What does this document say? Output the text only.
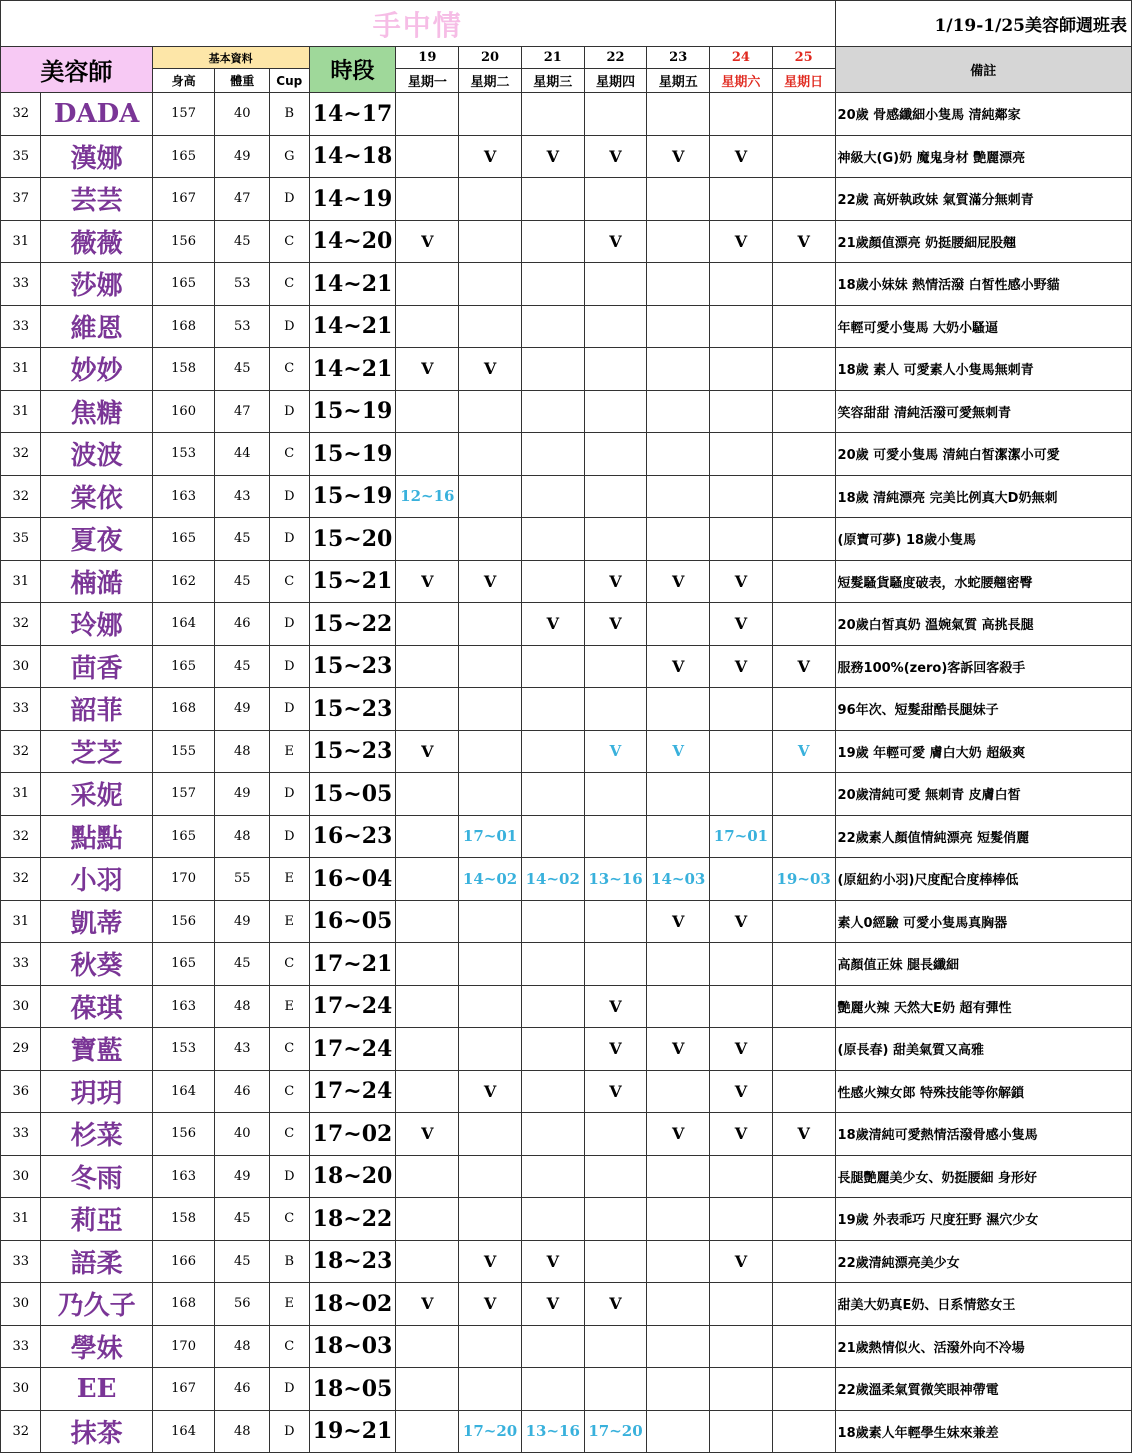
手中情													1/19-1/25美容師週班表
美容師		基本資料			時段	19	20	21	22	23	24	25	備註
		身高	體重	Cup		星期一	星期二	星期三	星期四	星期五	星期六	星期日	
32	DADA	157	40	B	14~17								20歲 骨感纖細小隻馬 清純鄰家
35	漢娜	165	49	G	14~18		V	V	V	V	V		神級大(G)奶 魔鬼身材 艷麗漂亮
37	芸芸	167	47	D	14~19								22歲 高妍執政妹 氣質滿分無刺青
31	薇薇	156	45	C	14~20	V			V		V	V	21歲顏值漂亮 奶挺腰細屁股翹
33	莎娜	165	53	C	14~21								18歲小妹妹 熱情活潑 白皙性感小野貓
33	維恩	168	53	D	14~21								年輕可愛小隻馬 大奶小騷逼
31	妙妙	158	45	C	14~21	V	V						18歲 素人 可愛素人小隻馬無刺青
31	焦糖	160	47	D	15~19								笑容甜甜 清純活潑可愛無刺青
32	波波	153	44	C	15~19								20歲 可愛小隻馬 清純白皙潔潔小可愛
32	棠依	163	43	D	15~19	12~16							18歲 清純漂亮 完美比例真大D奶無刺
35	夏夜	165	45	D	15~20								(原寶可夢) 18歲小隻馬
31	楠澔	162	45	C	15~21	V	V		V	V	V		短髮騷貨騷度破表，水蛇腰翹密臀
32	玲娜	164	46	D	15~22			V	V		V		20歲白皙真奶 溫婉氣質 高挑長腿
30	茴香	165	45	D	15~23					V	V	V	服務100%(zero)客訴回客殺手
33	韶菲	168	49	D	15~23								96年次、短髮甜酷長腿妹子
32	芝芝	155	48	E	15~23	V			V	V		V	19歲 年輕可愛 膚白大奶 超級爽
31	采妮	157	49	D	15~05								20歲清純可愛 無刺青 皮膚白皙
32	點點	165	48	D	16~23		17~01				17~01		22歲素人顏值情純漂亮 短髮俏麗
32	小羽	170	55	E	16~04		14~02	14~02	13~16	14~03		19~03	(原紐約小羽)尺度配合度棒棒低
31	凱蒂	156	49	E	16~05					V	V		素人0經驗 可愛小隻馬真胸器
33	秋葵	165	45	C	17~21								高顏值正妹 腿長纖細
30	葆琪	163	48	E	17~24				V				艷麗火辣 天然大E奶 超有彈性
29	寶藍	153	43	C	17~24				V	V	V		(原長春) 甜美氣質又高雅
36	玥玥	164	46	C	17~24		V		V		V		性感火辣女郎 特殊技能等你解鎖
33	杉菜	156	40	C	17~02	V				V	V	V	18歲清純可愛熱情活潑骨感小隻馬
30	冬雨	163	49	D	18~20								長腿艷麗美少女、奶挺腰細 身形好
31	莉亞	158	45	C	18~22								19歲 外表乖巧 尺度狂野 濕穴少女
33	語柔	166	45	B	18~23		V	V			V		22歲清純漂亮美少女
30	乃久子	168	56	E	18~02	V	V	V	V				甜美大奶真E奶、日系情慾女王
33	學妹	170	48	C	18~03								21歲熱情似火、活潑外向不冷場
30	EE	167	46	D	18~05								22歲溫柔氣質微笑眼神帶電
32	抹茶	164	48	D	19~21		17~20	13~16	17~20				18歲素人年輕學生妹來兼差
